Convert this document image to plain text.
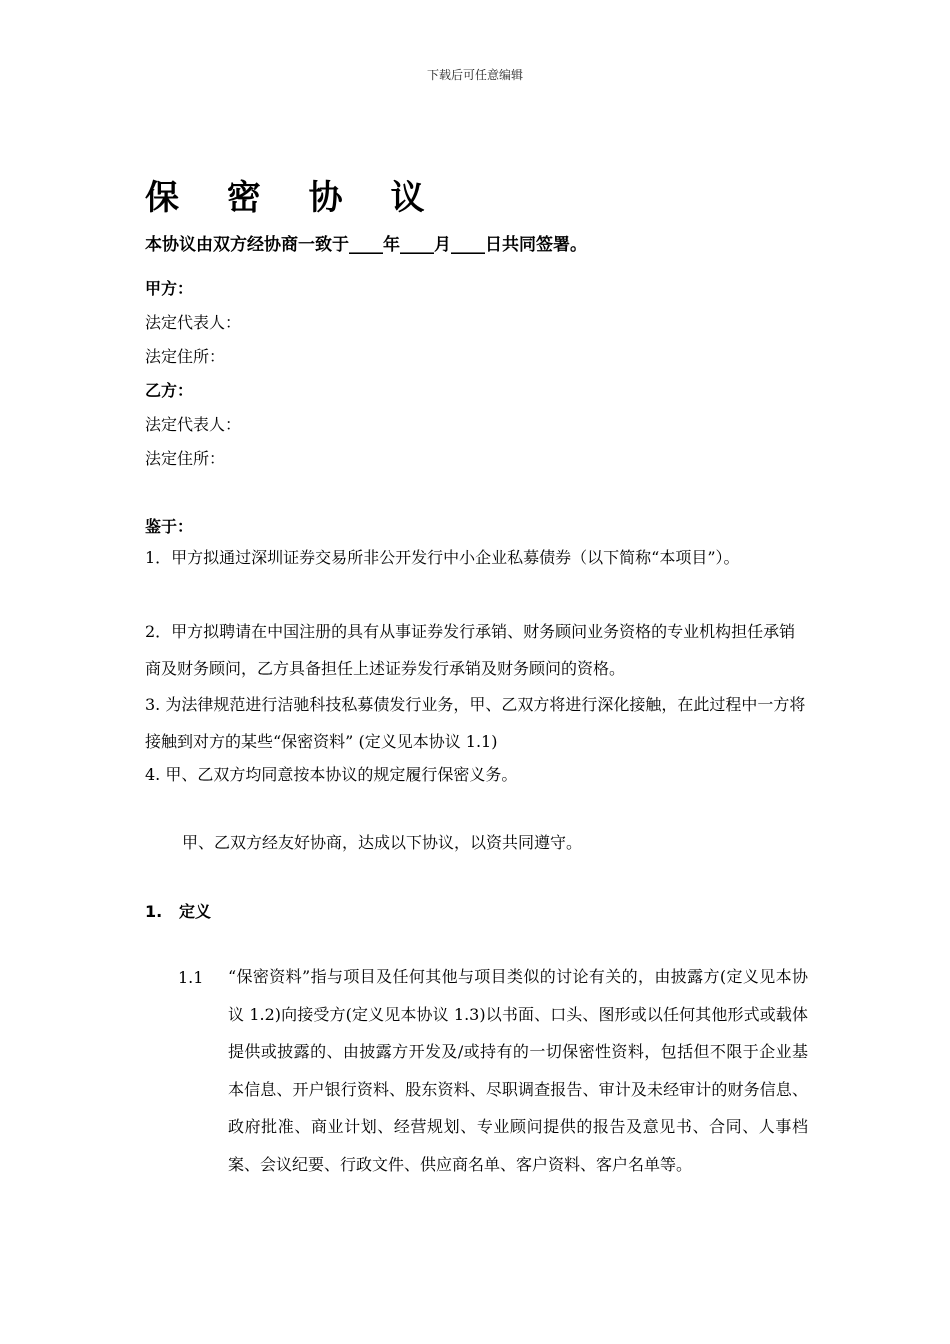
下载后可任意编辑
保 密 协 议
本协议由双方经协商一致于____年____月____日共同签署。
甲方：
法定代表人：
法定住所：
乙方：
法定代表人：
法定住所：
鉴于：
1．甲方拟通过深圳证券交易所非公开发行中小企业私募债券（以下简称“本项目”）。
2．甲方拟聘请在中国注册的具有从事证券发行承销、财务顾问业务资格的专业机构担任承销商及财务顾问，乙方具备担任上述证券发行承销及财务顾问的资格。
3. 为法律规范进行洁驰科技私募债发行业务，甲、乙双方将进行深化接触，在此过程中一方将接触到对方的某些“保密资料” (定义见本协议 1.1)
4. 甲、乙双方均同意按本协议的规定履行保密义务。
甲、乙双方经友好协商，达成以下协议，以资共同遵守。
1. 定义
1.1 “保密资料”指与项目及任何其他与项目类似的讨论有关的，由披露方(定义见本协议 1.2)向接受方(定义见本协议 1.3)以书面、口头、图形或以任何其他形式或载体提供或披露的、由披露方开发及/或持有的一切保密性资料，包括但不限于企业基本信息、开户银行资料、股东资料、尽职调查报告、审计及未经审计的财务信息、政府批准、商业计划、经营规划、专业顾问提供的报告及意见书、合同、人事档案、会议纪要、行政文件、供应商名单、客户资料、客户名单等。
